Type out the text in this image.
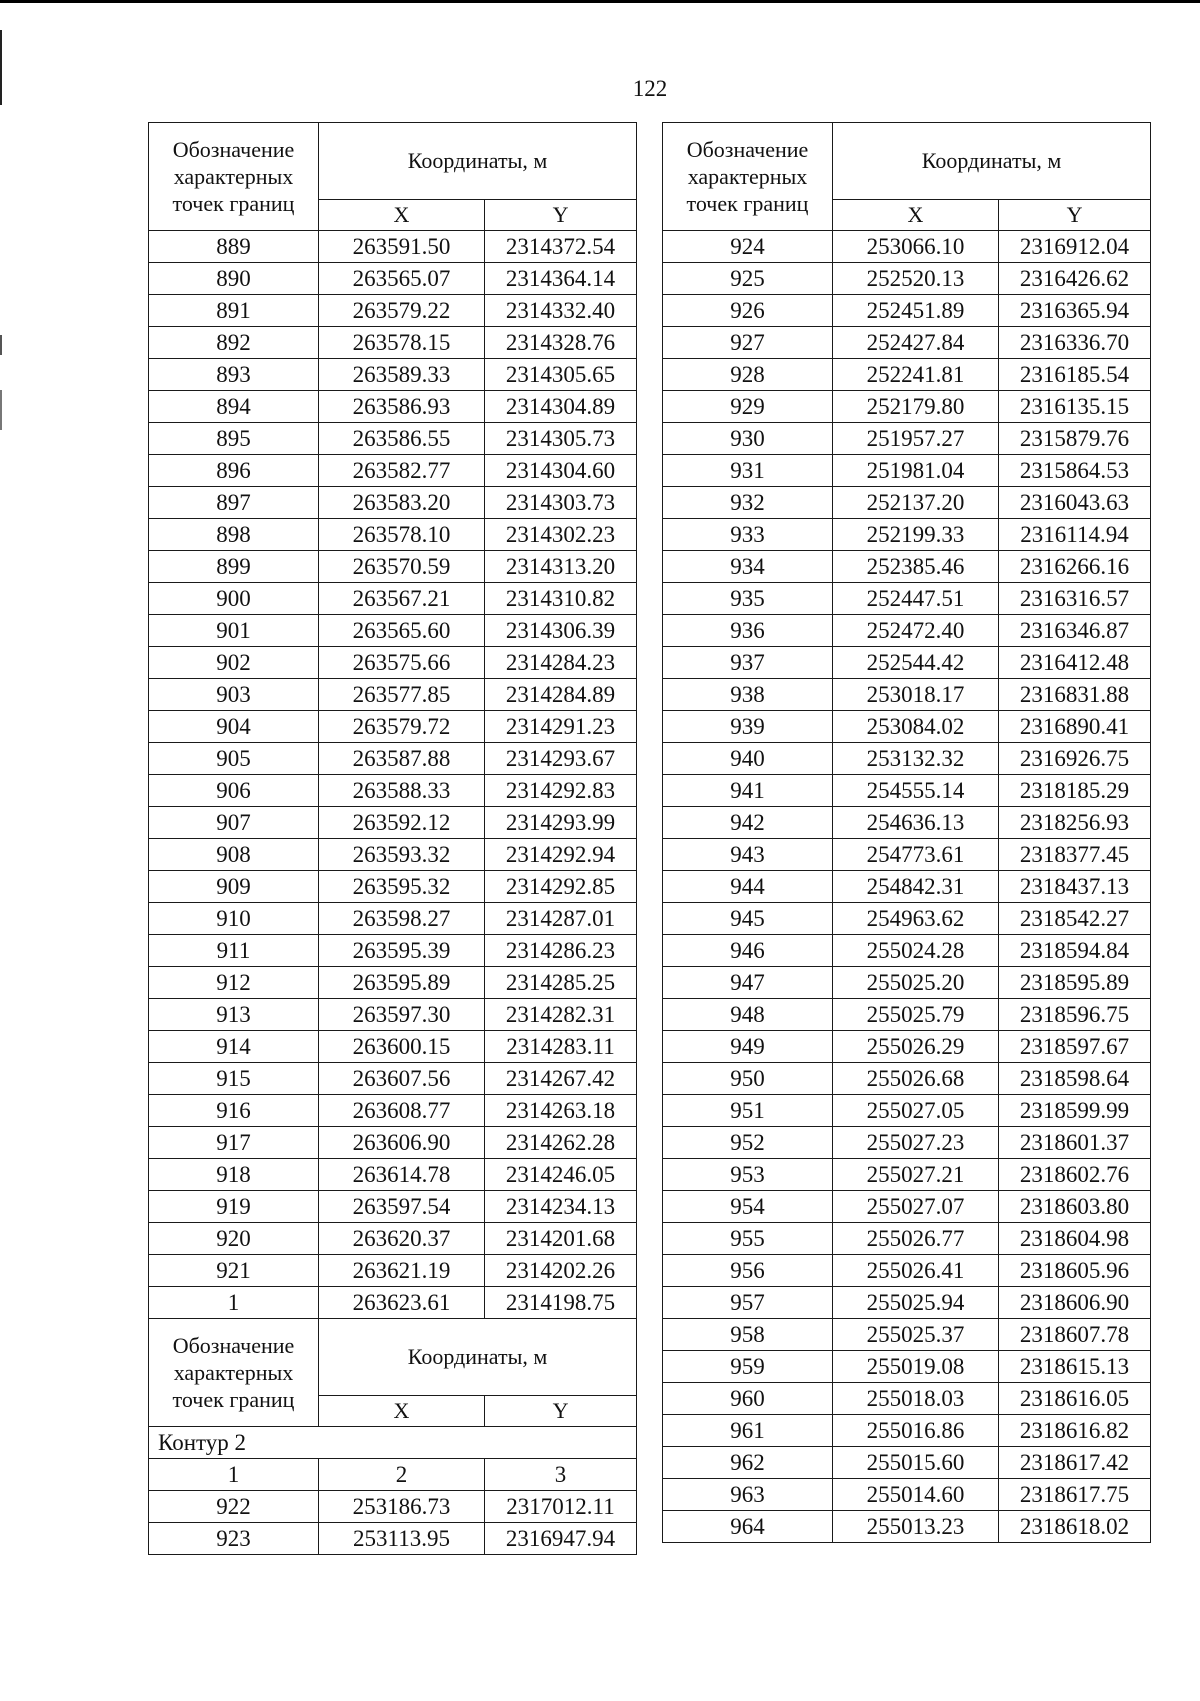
122
Обозначение характерных точек границ	Координаты, м	
	X	Y
889	263591.50	2314372.54
890	263565.07	2314364.14
891	263579.22	2314332.40
892	263578.15	2314328.76
893	263589.33	2314305.65
894	263586.93	2314304.89
895	263586.55	2314305.73
896	263582.77	2314304.60
897	263583.20	2314303.73
898	263578.10	2314302.23
899	263570.59	2314313.20
900	263567.21	2314310.82
901	263565.60	2314306.39
902	263575.66	2314284.23
903	263577.85	2314284.89
904	263579.72	2314291.23
905	263587.88	2314293.67
906	263588.33	2314292.83
907	263592.12	2314293.99
908	263593.32	2314292.94
909	263595.32	2314292.85
910	263598.27	2314287.01
911	263595.39	2314286.23
912	263595.89	2314285.25
913	263597.30	2314282.31
914	263600.15	2314283.11
915	263607.56	2314267.42
916	263608.77	2314263.18
917	263606.90	2314262.28
918	263614.78	2314246.05
919	263597.54	2314234.13
920	263620.37	2314201.68
921	263621.19	2314202.26
1	263623.61	2314198.75
Обозначение характерных точек границ	Координаты, м	
	X	Y
Контур 2		
1	2	3
922	253186.73	2317012.11
923	253113.95	2316947.94
Обозначение характерных точек границ	Координаты, м	
	X	Y
924	253066.10	2316912.04
925	252520.13	2316426.62
926	252451.89	2316365.94
927	252427.84	2316336.70
928	252241.81	2316185.54
929	252179.80	2316135.15
930	251957.27	2315879.76
931	251981.04	2315864.53
932	252137.20	2316043.63
933	252199.33	2316114.94
934	252385.46	2316266.16
935	252447.51	2316316.57
936	252472.40	2316346.87
937	252544.42	2316412.48
938	253018.17	2316831.88
939	253084.02	2316890.41
940	253132.32	2316926.75
941	254555.14	2318185.29
942	254636.13	2318256.93
943	254773.61	2318377.45
944	254842.31	2318437.13
945	254963.62	2318542.27
946	255024.28	2318594.84
947	255025.20	2318595.89
948	255025.79	2318596.75
949	255026.29	2318597.67
950	255026.68	2318598.64
951	255027.05	2318599.99
952	255027.23	2318601.37
953	255027.21	2318602.76
954	255027.07	2318603.80
955	255026.77	2318604.98
956	255026.41	2318605.96
957	255025.94	2318606.90
958	255025.37	2318607.78
959	255019.08	2318615.13
960	255018.03	2318616.05
961	255016.86	2318616.82
962	255015.60	2318617.42
963	255014.60	2318617.75
964	255013.23	2318618.02
